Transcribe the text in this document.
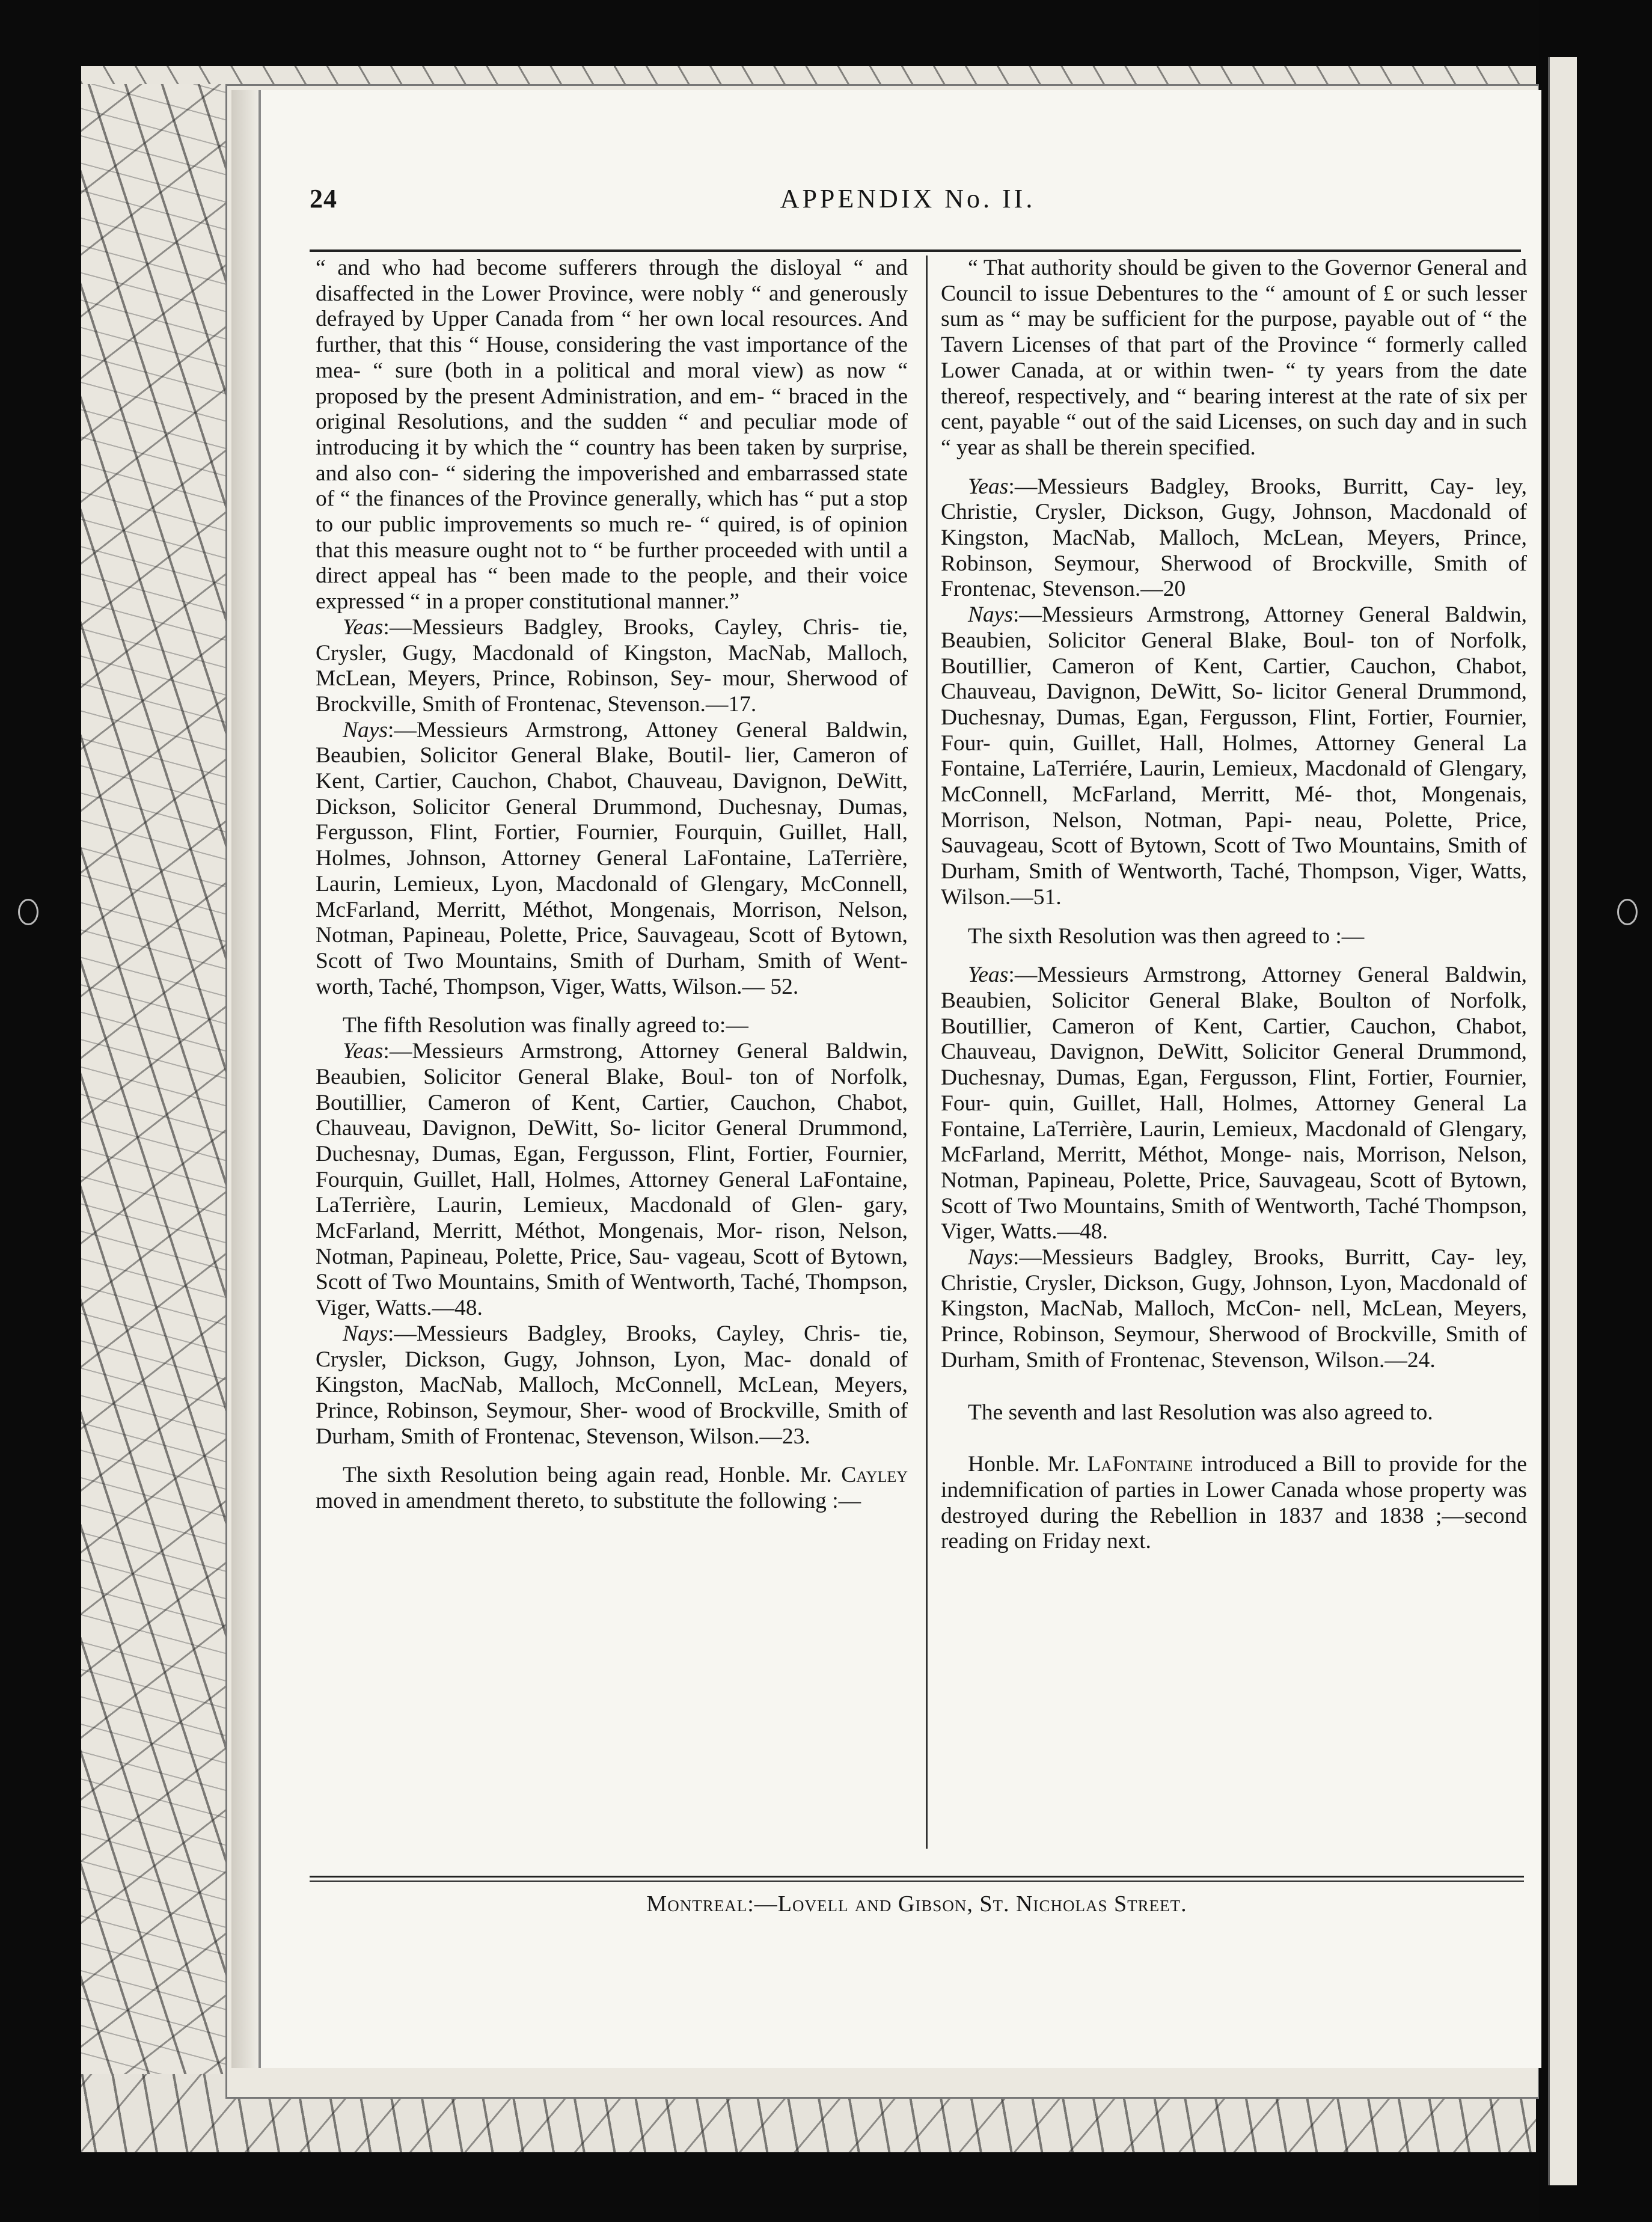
24	APPENDIX No. II.

“ and who had become sufferers through the disloyal “ and disaffected in the Lower Province, were nobly “ and generously defrayed by Upper Canada from “ her own local resources. And further, that this “ House, considering the vast importance of the mea- “ sure (both in a political and moral view) as now “ proposed by the present Administration, and em- “ braced in the original Resolutions, and the sudden “ and peculiar mode of introducing it by which the “ country has been taken by surprise, and also con- “ sidering the impoverished and embarrassed state of “ the finances of the Province generally, which has “ put a stop to our public improvements so much re- “ quired, is of opinion that this measure ought not to “ be further proceeded with until a direct appeal has “ been made to the people, and their voice expressed “ in a proper constitutional manner.”

Yeas:—Messieurs Badgley, Brooks, Cayley, Chris- tie, Crysler, Gugy, Macdonald of Kingston, MacNab, Malloch, McLean, Meyers, Prince, Robinson, Sey- mour, Sherwood of Brockville, Smith of Frontenac, Stevenson.—17.

Nays:—Messieurs Armstrong, Attoney General Baldwin, Beaubien, Solicitor General Blake, Boutil- lier, Cameron of Kent, Cartier, Cauchon, Chabot, Chauveau, Davignon, DeWitt, Dickson, Solicitor General Drummond, Duchesnay, Dumas, Fergusson, Flint, Fortier, Fournier, Fourquin, Guillet, Hall, Holmes, Johnson, Attorney General LaFontaine, LaTerrière, Laurin, Lemieux, Lyon, Macdonald of Glengary, McConnell, McFarland, Merritt, Méthot, Mongenais, Morrison, Nelson, Notman, Papineau, Polette, Price, Sauvageau, Scott of Bytown, Scott of Two Mountains, Smith of Durham, Smith of Went- worth, Taché, Thompson, Viger, Watts, Wilson.— 52.

The fifth Resolution was finally agreed to:—

Yeas:—Messieurs Armstrong, Attorney General Baldwin, Beaubien, Solicitor General Blake, Boul- ton of Norfolk, Boutillier, Cameron of Kent, Cartier, Cauchon, Chabot, Chauveau, Davignon, DeWitt, So- licitor General Drummond, Duchesnay, Dumas, Egan, Fergusson, Flint, Fortier, Fournier, Fourquin, Guillet, Hall, Holmes, Attorney General LaFontaine, LaTerrière, Laurin, Lemieux, Macdonald of Glen- gary, McFarland, Merritt, Méthot, Mongenais, Mor- rison, Nelson, Notman, Papineau, Polette, Price, Sau- vageau, Scott of Bytown, Scott of Two Mountains, Smith of Wentworth, Taché, Thompson, Viger, Watts.—48.

Nays:—Messieurs Badgley, Brooks, Cayley, Chris- tie, Crysler, Dickson, Gugy, Johnson, Lyon, Mac- donald of Kingston, MacNab, Malloch, McConnell, McLean, Meyers, Prince, Robinson, Seymour, Sher- wood of Brockville, Smith of Durham, Smith of Frontenac, Stevenson, Wilson.—23.

The sixth Resolution being again read, Honble. Mr. Cayley moved in amendment thereto, to substitute the following :—

“ That authority should be given to the Governor General and Council to issue Debentures to the “ amount of £ or such lesser sum as “ may be sufficient for the purpose, payable out of “ the Tavern Licenses of that part of the Province “ formerly called Lower Canada, at or within twen- “ ty years from the date thereof, respectively, and “ bearing interest at the rate of six per cent, payable “ out of the said Licenses, on such day and in such “ year as shall be therein specified.

Yeas:—Messieurs Badgley, Brooks, Burritt, Cay- ley, Christie, Crysler, Dickson, Gugy, Johnson, Macdonald of Kingston, MacNab, Malloch, McLean, Meyers, Prince, Robinson, Seymour, Sherwood of Brockville, Smith of Frontenac, Stevenson.—20

Nays:—Messieurs Armstrong, Attorney General Baldwin, Beaubien, Solicitor General Blake, Boul- ton of Norfolk, Boutillier, Cameron of Kent, Cartier, Cauchon, Chabot, Chauveau, Davignon, DeWitt, So- licitor General Drummond, Duchesnay, Dumas, Egan, Fergusson, Flint, Fortier, Fournier, Four- quin, Guillet, Hall, Holmes, Attorney General La Fontaine, LaTerriére, Laurin, Lemieux, Macdonald of Glengary, McConnell, McFarland, Merritt, Mé- thot, Mongenais, Morrison, Nelson, Notman, Papi- neau, Polette, Price, Sauvageau, Scott of Bytown, Scott of Two Mountains, Smith of Durham, Smith of Wentworth, Taché, Thompson, Viger, Watts, Wilson.—51.

The sixth Resolution was then agreed to :—

Yeas:—Messieurs Armstrong, Attorney General Baldwin, Beaubien, Solicitor General Blake, Boulton of Norfolk, Boutillier, Cameron of Kent, Cartier, Cauchon, Chabot, Chauveau, Davignon, DeWitt, Solicitor General Drummond, Duchesnay, Dumas, Egan, Fergusson, Flint, Fortier, Fournier, Four- quin, Guillet, Hall, Holmes, Attorney General La Fontaine, LaTerrière, Laurin, Lemieux, Macdonald of Glengary, McFarland, Merritt, Méthot, Monge- nais, Morrison, Nelson, Notman, Papineau, Polette, Price, Sauvageau, Scott of Bytown, Scott of Two Mountains, Smith of Wentworth, Taché Thompson, Viger, Watts.—48.

Nays:—Messieurs Badgley, Brooks, Burritt, Cay- ley, Christie, Crysler, Dickson, Gugy, Johnson, Lyon, Macdonald of Kingston, MacNab, Malloch, McCon- nell, McLean, Meyers, Prince, Robinson, Seymour, Sherwood of Brockville, Smith of Durham, Smith of Frontenac, Stevenson, Wilson.—24.

The seventh and last Resolution was also agreed to.

Honble. Mr. LaFontaine introduced a Bill to provide for the indemnification of parties in Lower Canada whose property was destroyed during the Rebellion in 1837 and 1838 ;—second reading on Friday next.

Montreal:—Lovell and Gibson, St. Nicholas Street.
